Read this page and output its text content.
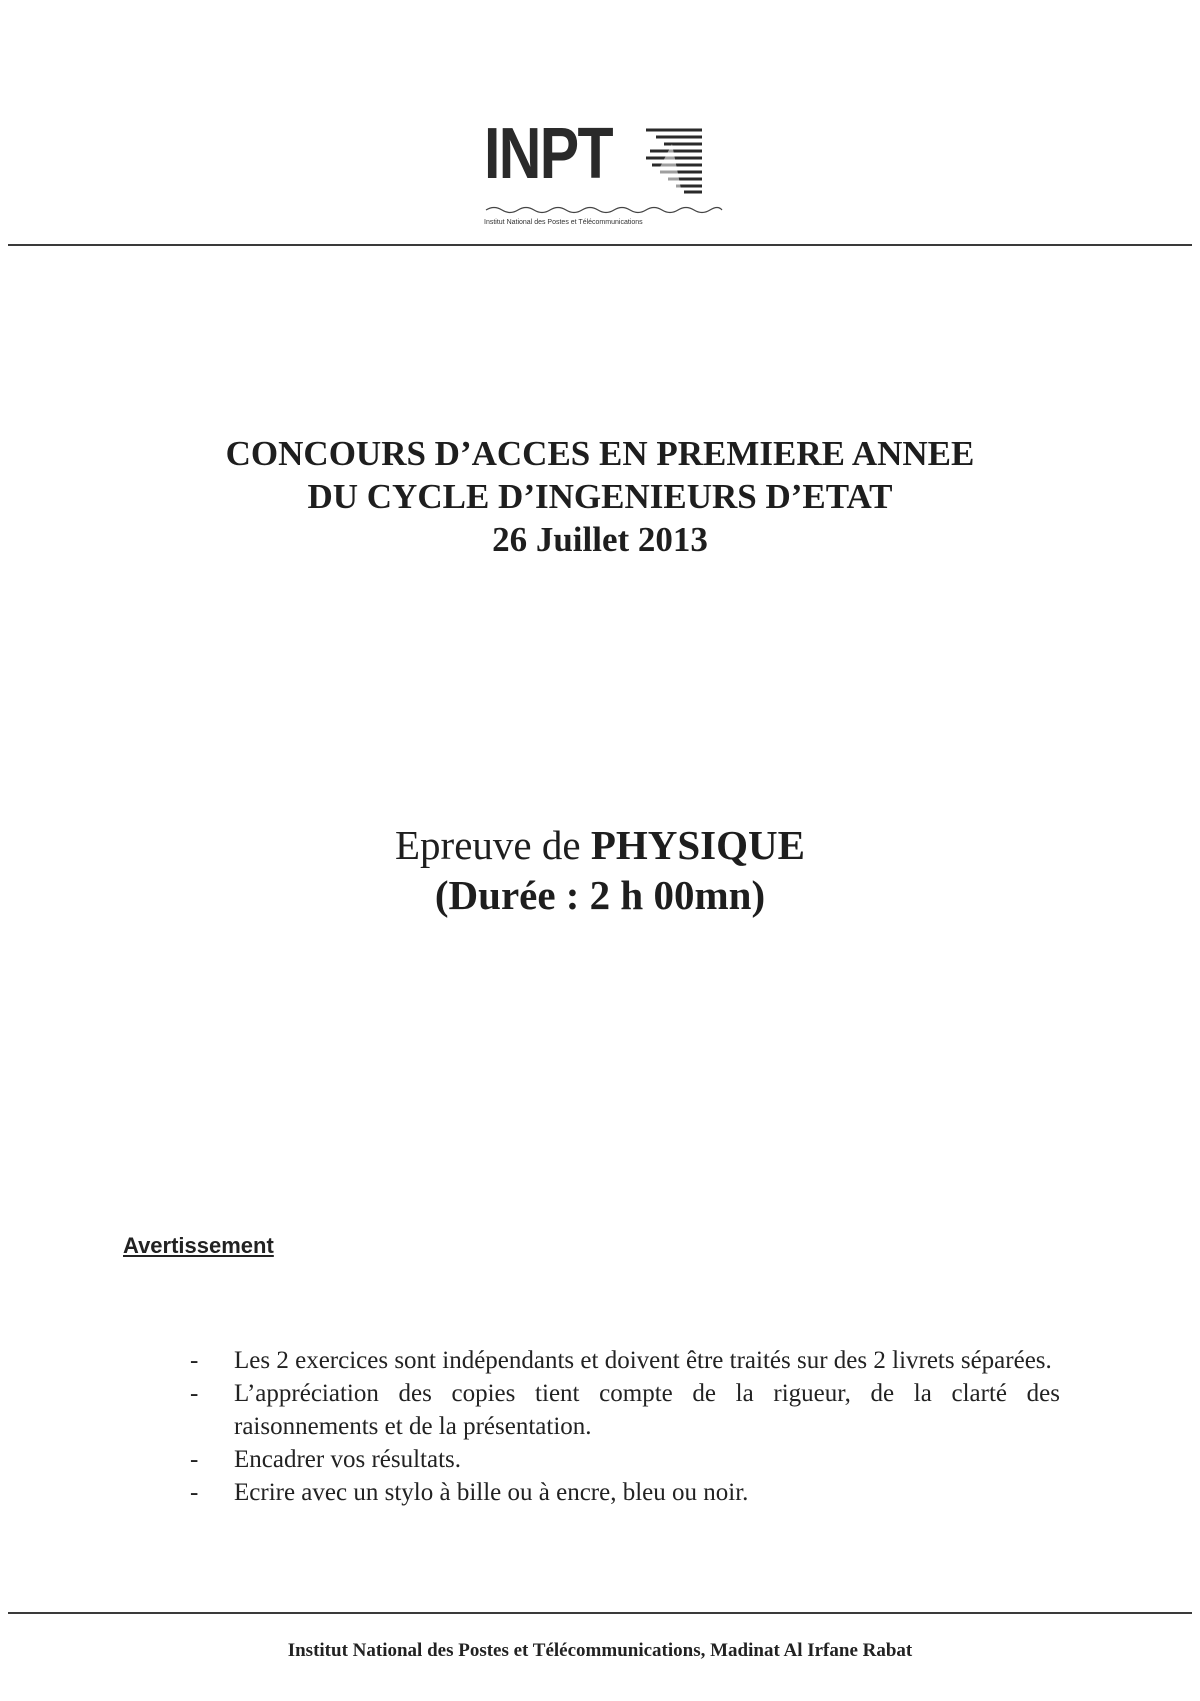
INPT
Institut National des Postes et Télécommunications
CONCOURS D’ACCES EN PREMIERE ANNEE
DU CYCLE D’INGENIEURS D’ETAT
26 Juillet 2013
Epreuve de PHYSIQUE
(Durée : 2 h 00mn)
Avertissement
- Les 2 exercices sont indépendants et doivent être traités sur des 2 livrets séparées.
- L’appréciation des copies tient compte de la rigueur, de la clarté des raisonnements et de la présentation.
- Encadrer vos résultats.
- Ecrire avec un stylo à bille ou à encre, bleu ou noir.
Institut National des Postes et Télécommunications, Madinat Al Irfane Rabat
